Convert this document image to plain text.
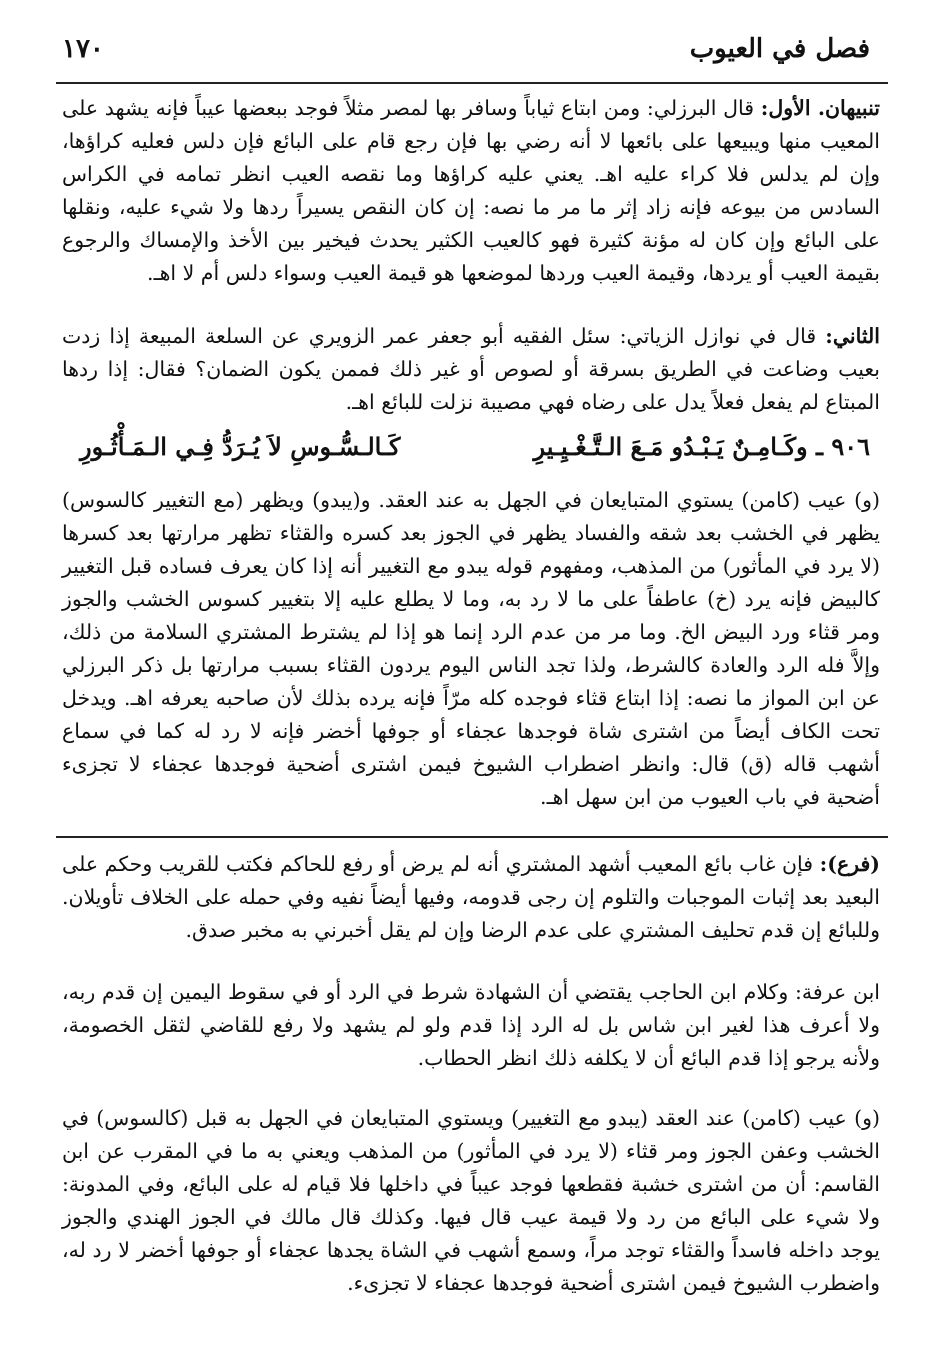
فصل في العيوب
١٧٠
تنبيهان. الأول: قال البرزلي: ومن ابتاع ثياباً وسافر بها لمصر مثلاً فوجد ببعضها عيباً فإنه يشهد على المعيب منها ويبيعها على بائعها لا أنه رضي بها فإن رجع قام على البائع فإن دلس فعليه كراؤها، وإن لم يدلس فلا كراء عليه اهـ. يعني عليه كراؤها وما نقصه العيب انظر تمامه في الكراس السادس من بيوعه فإنه زاد إثر ما مر ما نصه: إن كان النقص يسيراً ردها ولا شيء عليه، ونقلها على البائع وإن كان له مؤنة كثيرة فهو كالعيب الكثير يحدث فيخير بين الأخذ والإمساك والرجوع بقيمة العيب أو يردها، وقيمة العيب وردها لموضعها هو قيمة العيب وسواء دلس أم لا اهـ.
الثاني: قال في نوازل الزياتي: سئل الفقيه أبو جعفر عمر الزويري عن السلعة المبيعة إذا زدت بعيب وضاعت في الطريق بسرقة أو لصوص أو غير ذلك فممن يكون الضمان؟ فقال: إذا ردها المبتاع لم يفعل فعلاً يدل على رضاه فهي مصيبة نزلت للبائع اهـ.
٩٠٦ ـ وكَـامِـنٌ يَـبْـدُو مَـعَ الـتَّـغْـيِـيرِ
كَـالـسُّـوسِ لاَ يُـرَدُّ فِـي الـمَـأْثُـورِ
(و) عيب (كامن) يستوي المتبايعان في الجهل به عند العقد. و(يبدو) ويظهر (مع التغيير كالسوس) يظهر في الخشب بعد شقه والفساد يظهر في الجوز بعد كسره والقثاء تظهر مرارتها بعد كسرها (لا يرد في المأثور) من المذهب، ومفهوم قوله يبدو مع التغيير أنه إذا كان يعرف فساده قبل التغيير كالبيض فإنه يرد (خ) عاطفاً على ما لا رد به، وما لا يطلع عليه إلا بتغيير كسوس الخشب والجوز ومر قثاء ورد البيض الخ. وما مر من عدم الرد إنما هو إذا لم يشترط المشتري السلامة من ذلك، وإلاَّ فله الرد والعادة كالشرط، ولذا تجد الناس اليوم يردون القثاء بسبب مرارتها بل ذكر البرزلي عن ابن المواز ما نصه: إذا ابتاع قثاء فوجده كله مرّاً فإنه يرده بذلك لأن صاحبه يعرفه اهـ. ويدخل تحت الكاف أيضاً من اشترى شاة فوجدها عجفاء أو جوفها أخضر فإنه لا رد له كما في سماع أشهب قاله (ق) قال: وانظر اضطراب الشيوخ فيمن اشترى أضحية فوجدها عجفاء لا تجزىء أضحية في باب العيوب من ابن سهل اهـ.
(فرع): فإن غاب بائع المعيب أشهد المشتري أنه لم يرض أو رفع للحاكم فكتب للقريب وحكم على البعيد بعد إثبات الموجبات والتلوم إن رجى قدومه، وفيها أيضاً نفيه وفي حمله على الخلاف تأويلان. وللبائع إن قدم تحليف المشتري على عدم الرضا وإن لم يقل أخبرني به مخبر صدق.
ابن عرفة: وكلام ابن الحاجب يقتضي أن الشهادة شرط في الرد أو في سقوط اليمين إن قدم ربه، ولا أعرف هذا لغير ابن شاس بل له الرد إذا قدم ولو لم يشهد ولا رفع للقاضي لثقل الخصومة، ولأنه يرجو إذا قدم البائع أن لا يكلفه ذلك انظر الحطاب.
(و) عيب (كامن) عند العقد (يبدو مع التغيير) ويستوي المتبايعان في الجهل به قبل (كالسوس) في الخشب وعفن الجوز ومر قثاء (لا يرد في المأثور) من المذهب ويعني به ما في المقرب عن ابن القاسم: أن من اشترى خشبة فقطعها فوجد عيباً في داخلها فلا قيام له على البائع، وفي المدونة: ولا شيء على البائع من رد ولا قيمة عيب قال فيها. وكذلك قال مالك في الجوز الهندي والجوز يوجد داخله فاسداً والقثاء توجد مراً، وسمع أشهب في الشاة يجدها عجفاء أو جوفها أخضر لا رد له، واضطرب الشيوخ فيمن اشترى أضحية فوجدها عجفاء لا تجزىء.
